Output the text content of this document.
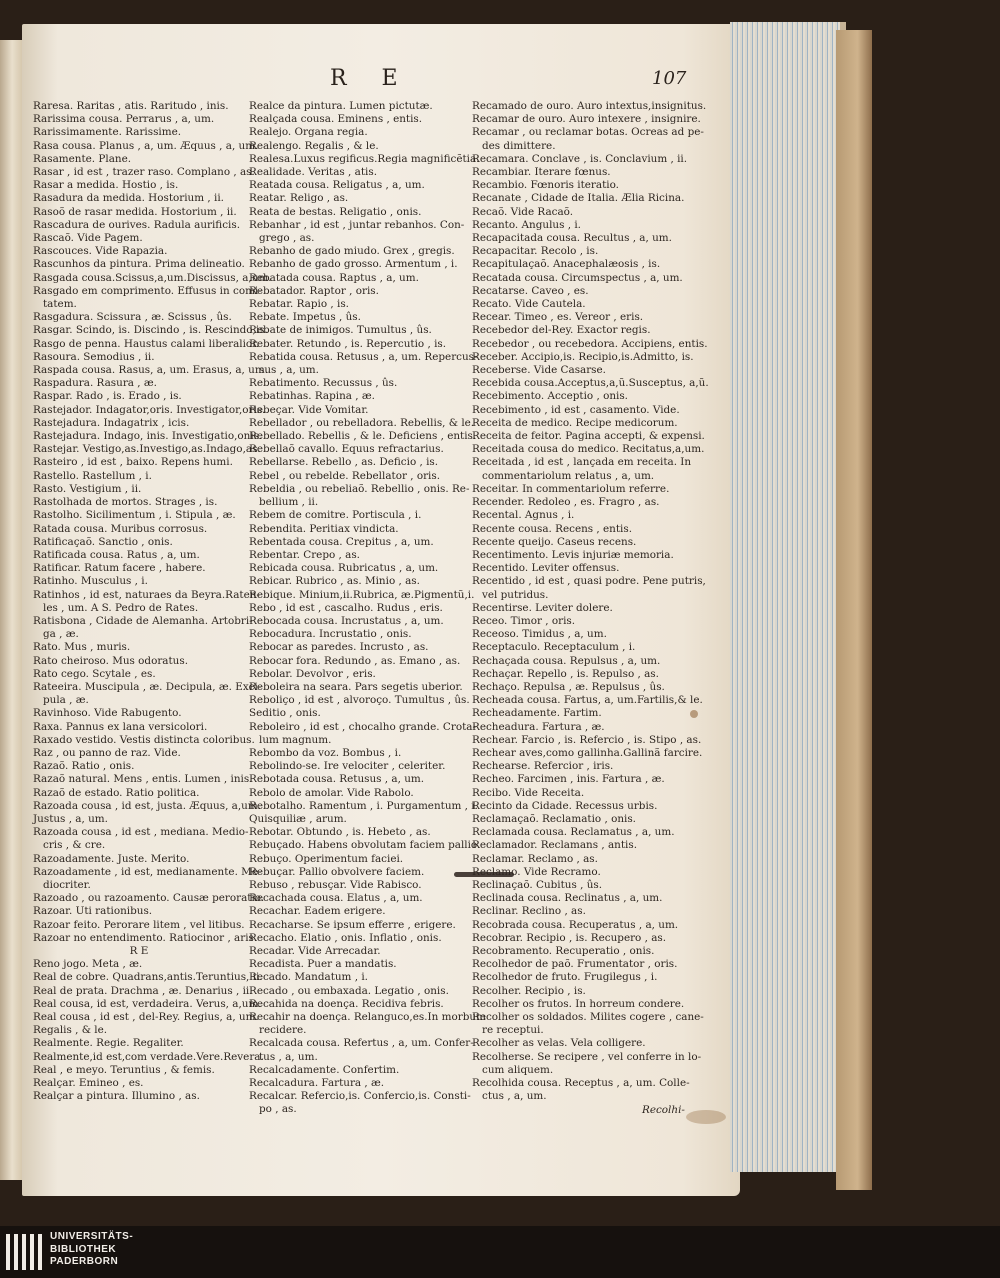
R E	107
Raresa. Raritas , atis. Raritudo , inis.
Rarissima cousa. Perrarus , a, um.
Rarissimamente. Rarissime.
Rasa cousa. Planus , a, um. Æquus , a, um.
Rasamente. Plane.
Rasar , id est , trazer raso. Complano , as.
Rasar a medida. Hostio , is.
Rasadura da medida. Hostorium , ii.
Rasoõ de rasar medida. Hostorium , ii.
Rascadura de ourives. Radula aurificis.
Rascaõ. Vide Pagem.
Rascouces. Vide Rapazia.
Rascunhos da pintura. Prima delineatio.
Rasgada cousa.Scissus,a,um.Discissus, a,um.
Rasgado em comprimento. Effusus in comi-
tatem.
Rasgadura. Scissura , æ. Scissus , ûs.
Rasgar. Scindo, is. Discindo , is. Rescindo,is.
Rasgo de penna. Haustus calami liberalior.
Rasoura. Semodius , ii.
Raspada cousa. Rasus, a, um. Erasus, a, um.
Raspadura. Rasura , æ.
Raspar. Rado , is. Erado , is.
Rastejador. Indagator,oris. Investigator,oris.
Rastejadura. Indagatrix , icis.
Rastejadura. Indago, inis. Investigatio,onis.
Rastejar. Vestigo,as.Investigo,as.Indago,as.
Rasteiro , id est , baixo. Repens humi.
Rastello. Rastellum , i.
Rasto. Vestigium , ii.
Rastolhada de mortos. Strages , is.
Rastolho. Sicilimentum , i. Stipula , æ.
Ratada cousa. Muribus corrosus.
Ratificaçaõ. Sanctio , onis.
Ratificada cousa. Ratus , a, um.
Ratificar. Ratum facere , habere.
Ratinho. Musculus , i.
Ratinhos , id est, naturaes da Beyra.Raten-
les , um. A S. Pedro de Rates.
Ratisbona , Cidade de Alemanha. Artobri-
ga , æ.
Rato. Mus , muris.
Rato cheiroso. Mus odoratus.
Rato cego. Scytale , es.
Rateeira. Muscipula , æ. Decipula, æ. Exci-
pula , æ.
Ravinhoso. Vide Rabugento.
Raxa. Pannus ex lana versicolori.
Raxado vestido. Vestis distincta coloribus.
Raz , ou panno de raz. Vide.
Razaõ. Ratio , onis.
Razaõ natural. Mens , entis. Lumen , inis.
Razaõ de estado. Ratio politica.
Razoada cousa , id est, justa. Æquus, a,um.
Justus , a, um.
Razoada cousa , id est , mediana. Medio-
cris , & cre.
Razoadamente. Juste. Merito.
Razoadamente , id est, medianamente. Me-
diocriter.
Razoado , ou razoamento. Causæ peroratio.
Razoar. Uti rationibus.
Razoar feito. Perorare litem , vel litibus.
Razoar no entendimento. Ratiocinor , aris.
R E
Reno jogo. Meta , æ.
Real de cobre. Quadrans,antis.Teruntius, ii.
Real de prata. Drachma , æ. Denarius , ii.
Real cousa, id est, verdadeira. Verus, a,um.
Real cousa , id est , del-Rey. Regius, a, um.
Regalis , & le.
Realmente. Regie. Regaliter.
Realmente,id est,com verdade.Vere.Revera.
Real , e meyo. Teruntius , & femis.
Realçar. Emineo , es.
Realçar a pintura. Illumino , as.
Realce da pintura. Lumen pictutæ.
Realçada cousa. Eminens , entis.
Realejo. Organa regia.
Realengo. Regalis , & le.
Realesa.Luxus regificus.Regia magnificẽtia.
Realidade. Veritas , atis.
Reatada cousa. Religatus , a, um.
Reatar. Religo , as.
Reata de bestas. Religatio , onis.
Rebanhar , id est , juntar rebanhos. Con-
grego , as.
Rebanho de gado miudo. Grex , gregis.
Rebanho de gado grosso. Armentum , i.
Rebatada cousa. Raptus , a, um.
Rebatador. Raptor , oris.
Rebatar. Rapio , is.
Rebate. Impetus , ûs.
Rebate de inimigos. Tumultus , ûs.
Rebater. Retundo , is. Repercutio , is.
Rebatida cousa. Retusus , a, um. Repercus-
sus , a, um.
Rebatimento. Recussus , ûs.
Rebatinhas. Rapina , æ.
Rebeçar. Vide Vomitar.
Rebellador , ou rebelladora. Rebellis, & le.
Rebellado. Rebellis , & le. Deficiens , entis.
Rebellaõ cavallo. Equus refractarius.
Rebellarse. Rebello , as. Deficio , is.
Rebel , ou rebelde. Rebellator , oris.
Rebeldia , ou rebeliaõ. Rebellio , onis. Re-
bellium , ii.
Rebem de comitre. Portiscula , i.
Rebendita. Peritiax vindicta.
Rebentada cousa. Crepitus , a, um.
Rebentar. Crepo , as.
Rebicada cousa. Rubricatus , a, um.
Rebicar. Rubrico , as. Minio , as.
Rebique. Minium,ii.Rubrica, æ.Pigmentũ,i.
Rebo , id est , cascalho. Rudus , eris.
Rebocada cousa. Incrustatus , a, um.
Rebocadura. Incrustatio , onis.
Rebocar as paredes. Incrusto , as.
Rebocar fora. Redundo , as. Emano , as.
Rebolar. Devolvor , eris.
Reboleira na seara. Pars segetis uberior.
Reboliço , id est , alvoroço. Tumultus , ûs.
Seditio , onis.
Reboleiro , id est , chocalho grande. Crota-
lum magnum.
Rebombo da voz. Bombus , i.
Rebolindo-se. Ire velociter , celeriter.
Rebotada cousa. Retusus , a, um.
Rebolo de amolar. Vide Rabolo.
Rebotalho. Ramentum , i. Purgamentum , i.
Quisquiliæ , arum.
Rebotar. Obtundo , is. Hebeto , as.
Rebuçado. Habens obvolutam faciem pallio.
Rebuço. Operimentum faciei.
Rebuçar. Pallio obvolvere faciem.
Rebuso , rebusçar. Vide Rabisco.
Recachada cousa. Elatus , a, um.
Recachar. Eadem erigere.
Recacharse. Se ipsum efferre , erigere.
Recacho. Elatio , onis. Inflatio , onis.
Recadar. Vide Arrecadar.
Recadista. Puer a mandatis.
Recado. Mandatum , i.
Recado , ou embaxada. Legatio , onis.
Recahida na doença. Recidiva febris.
Recahir na doença. Relanguco,es.In morbum
recidere.
Recalcada cousa. Refertus , a, um. Confer-
tus , a, um.
Recalcadamente. Confertim.
Recalcadura. Fartura , æ.
Recalcar. Refercio,is. Confercio,is. Consti-
po , as.
Recamado de ouro. Auro intextus,insignitus.
Recamar de ouro. Auro intexere , insignire.
Recamar , ou reclamar botas. Ocreas ad pe-
des dimittere.
Recamara. Conclave , is. Conclavium , ii.
Recambiar. Iterare fœnus.
Recambio. Fœnoris iteratio.
Recanate , Cidade de Italia. Ælia Ricina.
Recaõ. Vide Racaõ.
Recanto. Angulus , i.
Recapacitada cousa. Recultus , a, um.
Recapacitar. Recolo , is.
Recapitulaçaõ. Anacephalæosis , is.
Recatada cousa. Circumspectus , a, um.
Recatarse. Caveo , es.
Recato. Vide Cautela.
Recear. Timeo , es. Vereor , eris.
Recebedor del-Rey. Exactor regis.
Recebedor , ou recebedora. Accipiens, entis.
Receber. Accipio,is. Recipio,is.Admitto, is.
Receberse. Vide Casarse.
Recebida cousa.Acceptus,a,ũ.Susceptus, a,ũ.
Recebimento. Acceptio , onis.
Recebimento , id est , casamento. Vide.
Receita de medico. Recipe medicorum.
Receita de feitor. Pagina accepti, & expensi.
Receitada cousa do medico. Recitatus,a,um.
Receitada , id est , lançada em receita. In
commentariolum relatus , a, um.
Receitar. In commentariolum referre.
Recender. Redoleo , es. Fragro , as.
Recental. Agnus , i.
Recente cousa. Recens , entis.
Recente queijo. Caseus recens.
Recentimento. Levis injuriæ memoria.
Recentido. Leviter offensus.
Recentido , id est , quasi podre. Pene putris,
vel putridus.
Recentirse. Leviter dolere.
Receo. Timor , oris.
Receoso. Timidus , a, um.
Receptaculo. Receptaculum , i.
Rechaçada cousa. Repulsus , a, um.
Rechaçar. Repello , is. Repulso , as.
Rechaço. Repulsa , æ. Repulsus , ûs.
Recheada cousa. Fartus, a, um.Fartilis,& le.
Recheadamente. Fartim.
Recheadura. Fartura , æ.
Rechear. Farcio , is. Refercio , is. Stipo , as.
Rechear aves,como gallinha.Gallinã farcire.
Rechearse. Refercior , iris.
Recheo. Farcimen , inis. Fartura , æ.
Recibo. Vide Receita.
Recinto da Cidade. Recessus urbis.
Reclamaçaõ. Reclamatio , onis.
Reclamada cousa. Reclamatus , a, um.
Reclamador. Reclamans , antis.
Reclamar. Reclamo , as.
Reclamo. Vide Recramo.
Reclinaçaõ. Cubitus , ûs.
Reclinada cousa. Reclinatus , a, um.
Reclinar. Reclino , as.
Recobrada cousa. Recuperatus , a, um.
Recobrar. Recipio , is. Recupero , as.
Recobramento. Recuperatio , onis.
Recolhedor de paõ. Frumentator , oris.
Recolhedor de fruto. Frugilegus , i.
Recolher. Recipio , is.
Recolher os frutos. In horreum condere.
Recolher os soldados. Milites cogere , cane-
re receptui.
Recolher as velas. Vela colligere.
Recolherse. Se recipere , vel conferre in lo-
cum aliquem.
Recolhida cousa. Receptus , a, um. Colle-
ctus , a, um.
Recolhi-
UNIVERSITÄTS-
BIBLIOTHEK
PADERBORN
